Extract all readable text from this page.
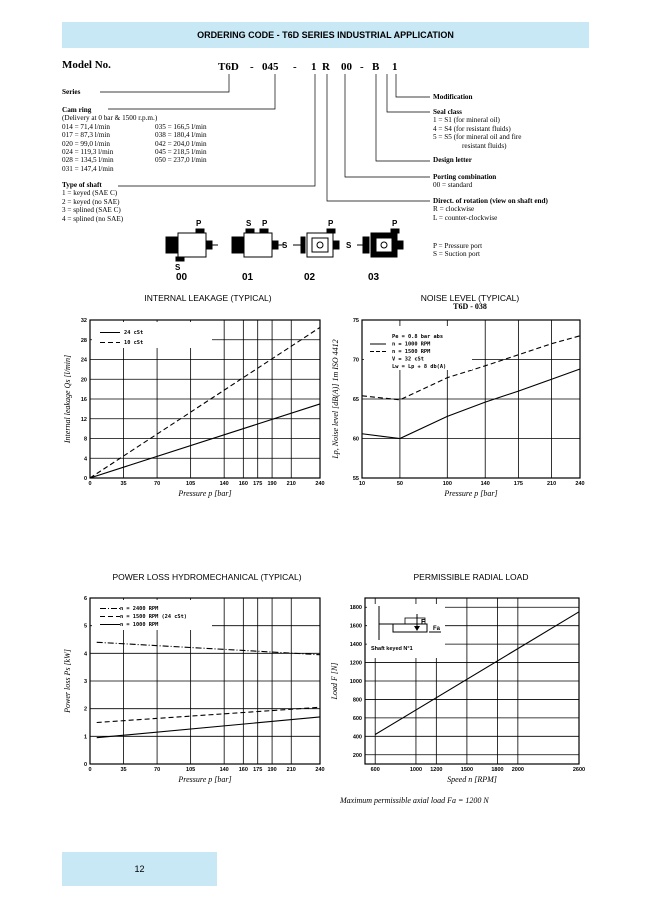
ORDERING CODE - T6D SERIES INDUSTRIAL APPLICATION
Model No.	T6D - 045 - 1 R 00 - B 1
Series
Cam ring
(Delivery at 0 bar & 1500 r.p.m.)
014 = 71,4 l/min
017 = 87,3 l/min
020 = 99,0 l/min
024 = 119,3 l/min
028 = 134,5 l/min
031 = 147,4 l/min
035 = 166,5 l/min
038 = 180,4 l/min
042 = 204,0 l/min
045 = 218,5 l/min
050 = 237,0 l/min
Type of shaft
1 = keyed (SAE C)
2 = keyed (no SAE)
3 = splined (SAE C)
4 = splined (no SAE)
Modification
Seal class
1 = S1 (for mineral oil)
4 = S4 (for resistant fluids)
5 = S5 (for mineral oil and fire
resistant fluids)
Design letter
Porting combination
00 = standard
Direct. of rotation (view on shaft end)
R = clockwise
L = counter-clockwise
P = Pressure port
S = Suction port
00	01	02	03
P
S
S P
S
P
S
P
INTERNAL LEAKAGE (TYPICAL)	NOISE LEVEL (TYPICAL)
T6D - 038
POWER LOSS HYDROMECHANICAL (TYPICAL)	PERMISSIBLE RADIAL LOAD
0	35	70	105	140 160 175 190 210	240
0
4
8
12
16
20
24
28
32
24 cSt
10 cSt
Pressure p [bar]
Internal leakage Qs [l/min]
10	50	100	140	175	210	240
55
60
65
70
75
Pe = 0.8 bar abs
n = 1000 RPM
n = 1500 RPM
V = 32 cSt
Lw = Lp + 8 db(A)
Pressure p [bar]
Lp, Noise level [dB(A)] 1m ISO 4412
0	35	70	105	140 160 175 190 210	240
0
1
2
3
4
5
6
n = 2400 RPM
n = 1500 RPM (24 cSt)
n = 1000 RPM
Pressure p [bar]
Power loss Ps [kW]
600	1000 1200	1500	1800 2000	2600
200
400
600
800
1000
1200
1400
1600
1800
F
Fa
Shaft keyed N°1
Speed n [RPM]
Load F [N]
Maximum permissible axial load Fa = 1200 N
12
